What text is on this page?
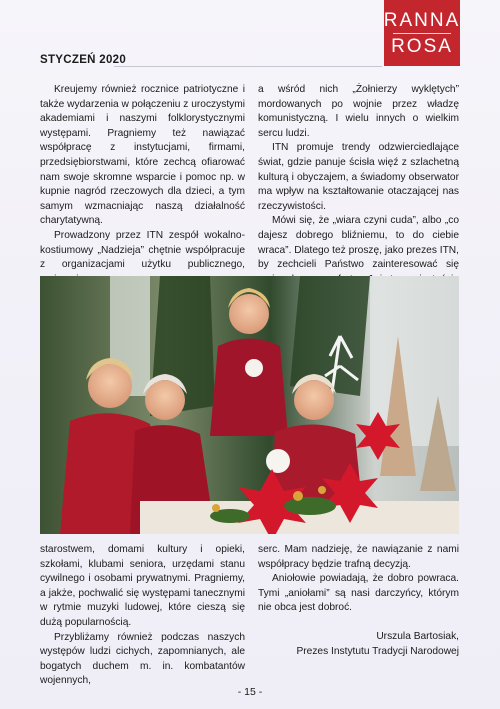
RANNA
ROSA
STYCZEŃ 2020

Kreujemy również rocznice patriotyczne i także wydarzenia w połączeniu z uroczystymi akademiami i naszymi folklorystycznymi występami. Pragniemy też nawiązać współpracę z instytucjami, firmami, przedsiębiorstwami, które zechcą ofiarować nam swoje skromne wsparcie i pomoc np. w kupnie nagród rzeczowych dla dzieci, a tym samym wzmacniając naszą działalność charytatywną.

Prowadzony przez ITN zespół wokalno-kostiumowy „Nadzieja” chętnie współpracuje z organizacjami użytku publicznego,

a wśród nich „Żołnierzy wyklętych” mordowanych po wojnie przez władzę komunistyczną. I wielu innych o wielkim sercu ludzi.

ITN promuje trendy odzwierciedlające świat, gdzie panuje ścisła więź z szlachetną kulturą i obyczajem, a świadomy obserwator ma wpływ na kształtowanie otaczającej nas rzeczywistości.

Mówi się, że „wiara czyni cuda”, albo „co dajesz dobrego bliźniemu, to do ciebie wraca”. Dlatego też proszę, jako prezes ITN, by zechcieli Państwo zainteresować się

starostwem, domami kultury i opieki, szkołami, klubami seniora, urzędami stanu cywilnego i osobami prywatnymi. Pragniemy, a jakże, pochwalić się występami tanecznymi w rytmie muzyki ludowej, które cieszą się dużą popularnością.

Przybliżamy również podczas naszych występów ludzi cichych, zapomnianych, ale bogatych duchem m. in. kombatantów wojennych,

serc. Mam nadzieję, że nawiązanie z nami współpracy będzie trafną decyzją.

Aniołowie powiadają, że dobro powraca. Tymi „aniołami” są nasi darczyńcy, którym nie obca jest dobroć.

Urszula Bartosiak,
Prezes Instytutu Tradycji Narodowej
- 15 -
